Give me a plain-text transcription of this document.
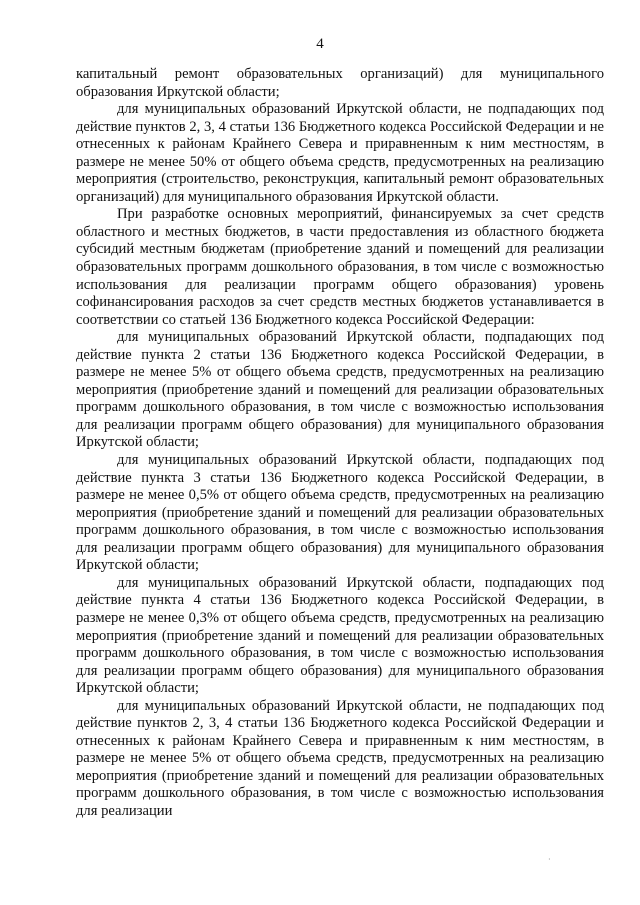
4

капитальный ремонт образовательных организаций) для муниципального образования Иркутской области;

для муниципальных образований Иркутской области, не подпадающих под действие пунктов 2, 3, 4 статьи 136 Бюджетного кодекса Российской Федерации и не отнесенных к районам Крайнего Севера и приравненным к ним местностям, в размере не менее 50% от общего объема средств, предусмотренных на реализацию мероприятия (строительство, реконструкция, капитальный ремонт образовательных организаций) для муниципального образования Иркутской области.

При разработке основных мероприятий, финансируемых за счет средств областного и местных бюджетов, в части предоставления из областного бюджета субсидий местным бюджетам (приобретение зданий и помещений для реализации образовательных программ дошкольного образования, в том числе с возможностью использования для реализации программ общего образования) уровень софинансирования расходов за счет средств местных бюджетов устанавливается в соответствии со статьей 136 Бюджетного кодекса Российской Федерации:

для муниципальных образований Иркутской области, подпадающих под действие пункта 2 статьи 136 Бюджетного кодекса Российской Федерации, в размере не менее 5% от общего объема средств, предусмотренных на реализацию мероприятия (приобретение зданий и помещений для реализации образовательных программ дошкольного образования, в том числе с возможностью использования для реализации программ общего образования) для муниципального образования Иркутской области;

для муниципальных образований Иркутской области, подпадающих под действие пункта 3 статьи 136 Бюджетного кодекса Российской Федерации, в размере не менее 0,5% от общего объема средств, предусмотренных на реализацию мероприятия (приобретение зданий и помещений для реализации образовательных программ дошкольного образования, в том числе с возможностью использования для реализации программ общего образования) для муниципального образования Иркутской области;

для муниципальных образований Иркутской области, подпадающих под действие пункта 4 статьи 136 Бюджетного кодекса Российской Федерации, в размере не менее 0,3% от общего объема средств, предусмотренных на реализацию мероприятия (приобретение зданий и помещений для реализации образовательных программ дошкольного образования, в том числе с возможностью использования для реализации программ общего образования) для муниципального образования Иркутской области;

для муниципальных образований Иркутской области, не подпадающих под действие пунктов 2, 3, 4 статьи 136 Бюджетного кодекса Российской Федерации и отнесенных к районам Крайнего Севера и приравненным к ним местностям, в размере не менее 5% от общего объема средств, предусмотренных на реализацию мероприятия (приобретение зданий и помещений для реализации образовательных программ дошкольного образования, в том числе с возможностью использования для реализации

·
